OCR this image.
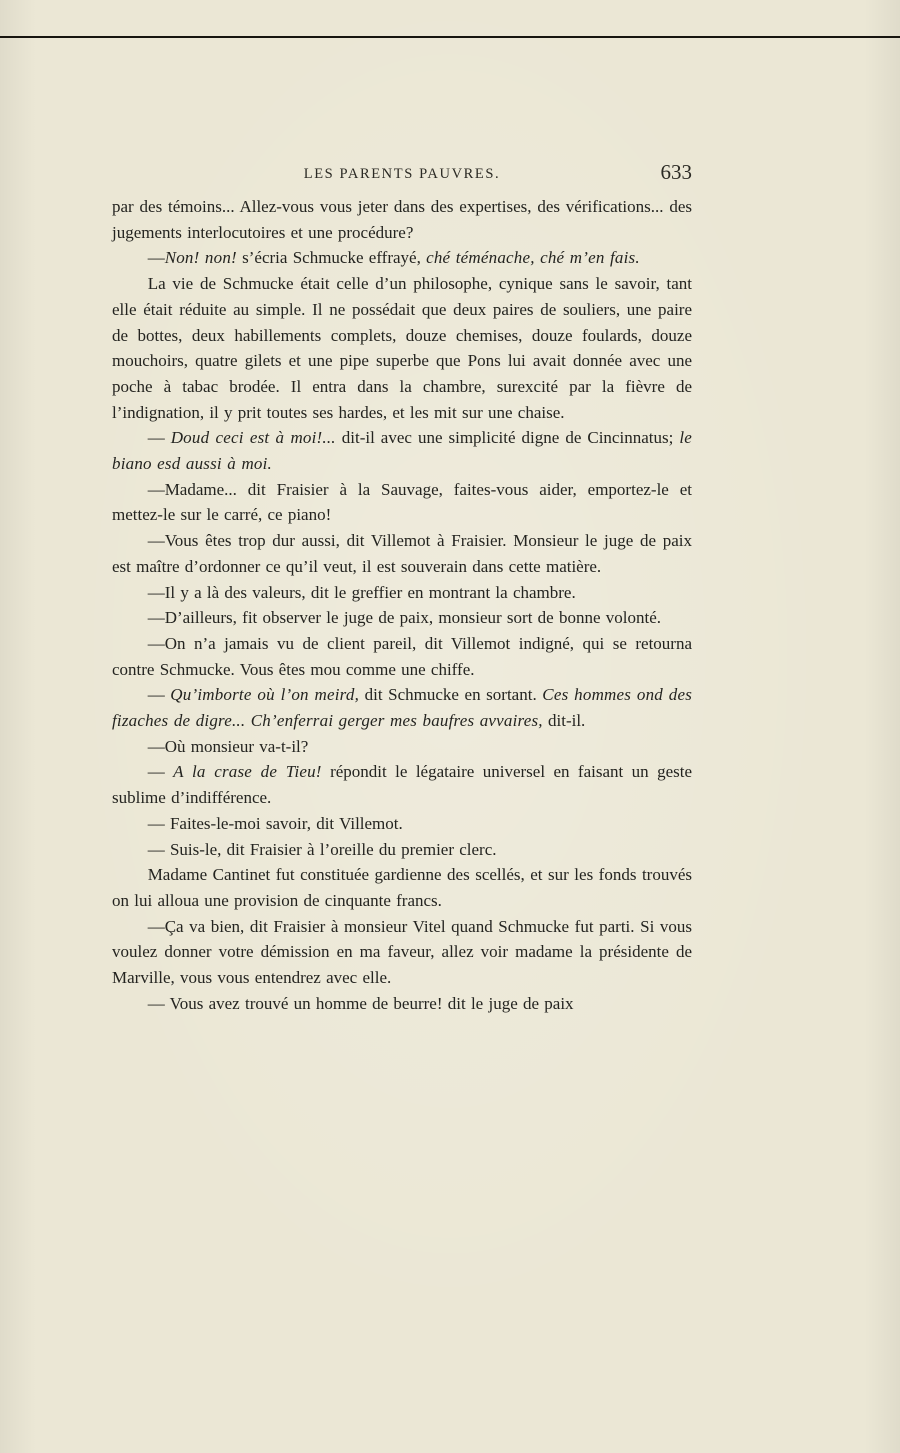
LES PARENTS PAUVRES.	633

par des témoins... Allez-vous vous jeter dans des expertises, des vérifications... des jugements interlocutoires et une procédure?

—Non! non! s’écria Schmucke effrayé, ché téménache, ché m’en fais.

La vie de Schmucke était celle d’un philosophe, cynique sans le savoir, tant elle était réduite au simple. Il ne possédait que deux paires de souliers, une paire de bottes, deux habillements complets, douze chemises, douze foulards, douze mouchoirs, quatre gilets et une pipe superbe que Pons lui avait donnée avec une poche à tabac brodée. Il entra dans la chambre, surexcité par la fièvre de l’indignation, il y prit toutes ses hardes, et les mit sur une chaise.

— Doud ceci est à moi!... dit-il avec une simplicité digne de Cincinnatus; le biano esd aussi à moi.

—Madame... dit Fraisier à la Sauvage, faites-vous aider, emportez-le et mettez-le sur le carré, ce piano!

—Vous êtes trop dur aussi, dit Villemot à Fraisier. Monsieur le juge de paix est maître d’ordonner ce qu’il veut, il est souverain dans cette matière.

—Il y a là des valeurs, dit le greffier en montrant la chambre.

—D’ailleurs, fit observer le juge de paix, monsieur sort de bonne volonté.

—On n’a jamais vu de client pareil, dit Villemot indigné, qui se retourna contre Schmucke. Vous êtes mou comme une chiffe.

— Qu’imborte où l’on meird, dit Schmucke en sortant. Ces hommes ond des fizaches de digre... Ch’enferrai gerger mes baufres avvaires, dit-il.

—Où monsieur va-t-il?

— A la crase de Tieu! répondit le légataire universel en faisant un geste sublime d’indifférence.

— Faites-le-moi savoir, dit Villemot.

— Suis-le, dit Fraisier à l’oreille du premier clerc.

Madame Cantinet fut constituée gardienne des scellés, et sur les fonds trouvés on lui alloua une provision de cinquante francs.

—Ça va bien, dit Fraisier à monsieur Vitel quand Schmucke fut parti. Si vous voulez donner votre démission en ma faveur, allez voir madame la présidente de Marville, vous vous entendrez avec elle.

— Vous avez trouvé un homme de beurre! dit le juge de paix
